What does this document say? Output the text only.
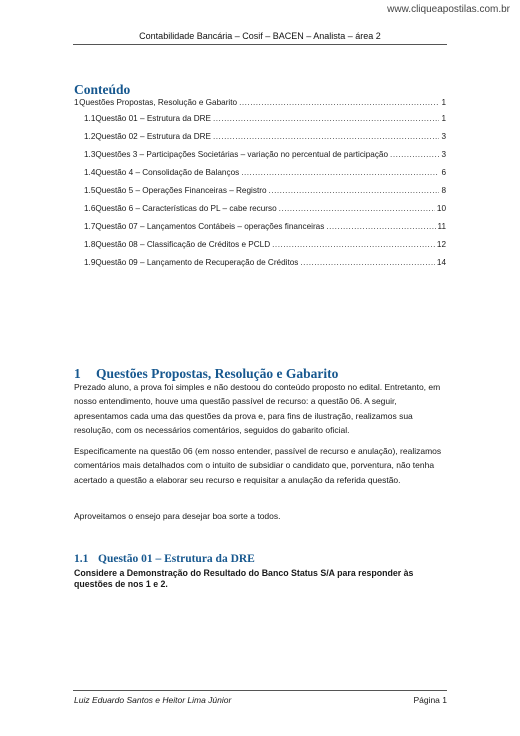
www.cliqueapostilas.com.br
Contabilidade Bancária – Cosif – BACEN – Analista – área 2
Conteúdo
1 Questões Propostas, Resolução e Gabarito .....	1
1.1 Questão 01 – Estrutura da DRE .....	1
1.2 Questão 02 – Estrutura da DRE .....	3
1.3 Questões 3 – Participações Societárias – variação no percentual de participação .....	3
1.4 Questão 4 – Consolidação de Balanços .....	6
1.5 Questão 5 – Operações Financeiras – Registro .....	8
1.6 Questão 6 – Características do PL – cabe recurso .....	10
1.7 Questão 07 – Lançamentos Contábeis – operações financeiras .....	11
1.8 Questão 08 – Classificação de Créditos e PCLD .....	12
1.9 Questão 09 – Lançamento de Recuperação de Créditos .....	14
1 Questões Propostas, Resolução e Gabarito
Prezado aluno, a prova foi simples e não destoou do conteúdo proposto no edital. Entretanto, em nosso entendimento, houve uma questão passível de recurso: a questão 06. A seguir, apresentamos cada uma das questões da prova e, para fins de ilustração, realizamos sua resolução, com os necessários comentários, seguidos do gabarito oficial.
Especificamente na questão 06 (em nosso entender, passível de recurso e anulação), realizamos comentários mais detalhados com o intuito de subsidiar o candidato que, porventura, não tenha acertado a questão a elaborar seu recurso e requisitar a anulação da referida questão.
Aproveitamos o ensejo para desejar boa sorte a todos.
1.1 Questão 01 – Estrutura da DRE
Considere a Demonstração do Resultado do Banco Status S/A para responder às questões de nos 1 e 2.
Luiz Eduardo Santos e Heitor Lima Júnior	Página 1
